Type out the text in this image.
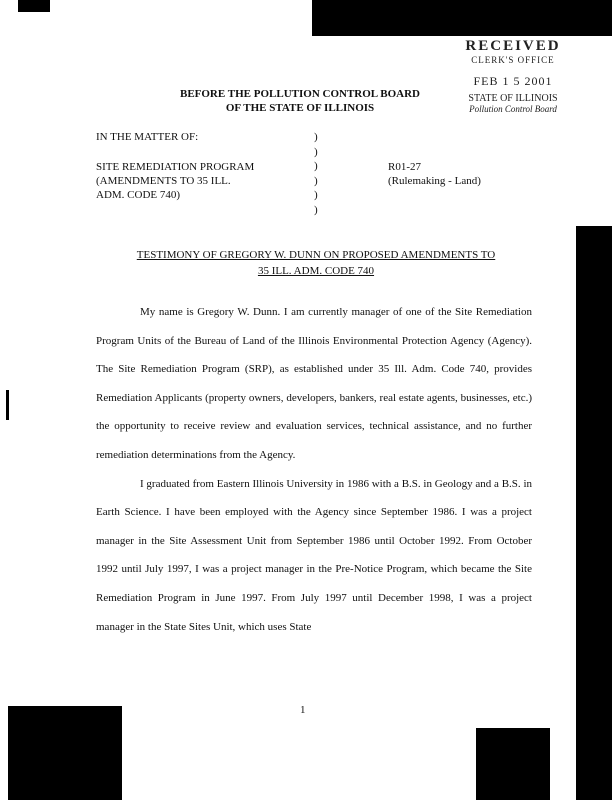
RECEIVED
CLERK'S OFFICE
FEB 1 5 2001
STATE OF ILLINOIS
Pollution Control Board
BEFORE THE POLLUTION CONTROL BOARD
OF THE STATE OF ILLINOIS
IN THE MATTER OF:
SITE REMEDIATION PROGRAM
(AMENDMENTS TO 35 ILL.
ADM. CODE 740)
)
)
)
)
)
)
R01-27
(Rulemaking - Land)
TESTIMONY OF GREGORY W. DUNN ON PROPOSED AMENDMENTS TO
35 ILL. ADM. CODE 740

My name is Gregory W. Dunn. I am currently manager of one of the Site Remediation Program Units of the Bureau of Land of the Illinois Environmental Protection Agency (Agency). The Site Remediation Program (SRP), as established under 35 Ill. Adm. Code 740, provides Remediation Applicants (property owners, developers, bankers, real estate agents, businesses, etc.) the opportunity to receive review and evaluation services, technical assistance, and no further remediation determinations from the Agency.

I graduated from Eastern Illinois University in 1986 with a B.S. in Geology and a B.S. in Earth Science. I have been employed with the Agency since September 1986. I was a project manager in the Site Assessment Unit from September 1986 until October 1992. From October 1992 until July 1997, I was a project manager in the Pre-Notice Program, which became the Site Remediation Program in June 1997. From July 1997 until December 1998, I was a project manager in the State Sites Unit, which uses State

1
